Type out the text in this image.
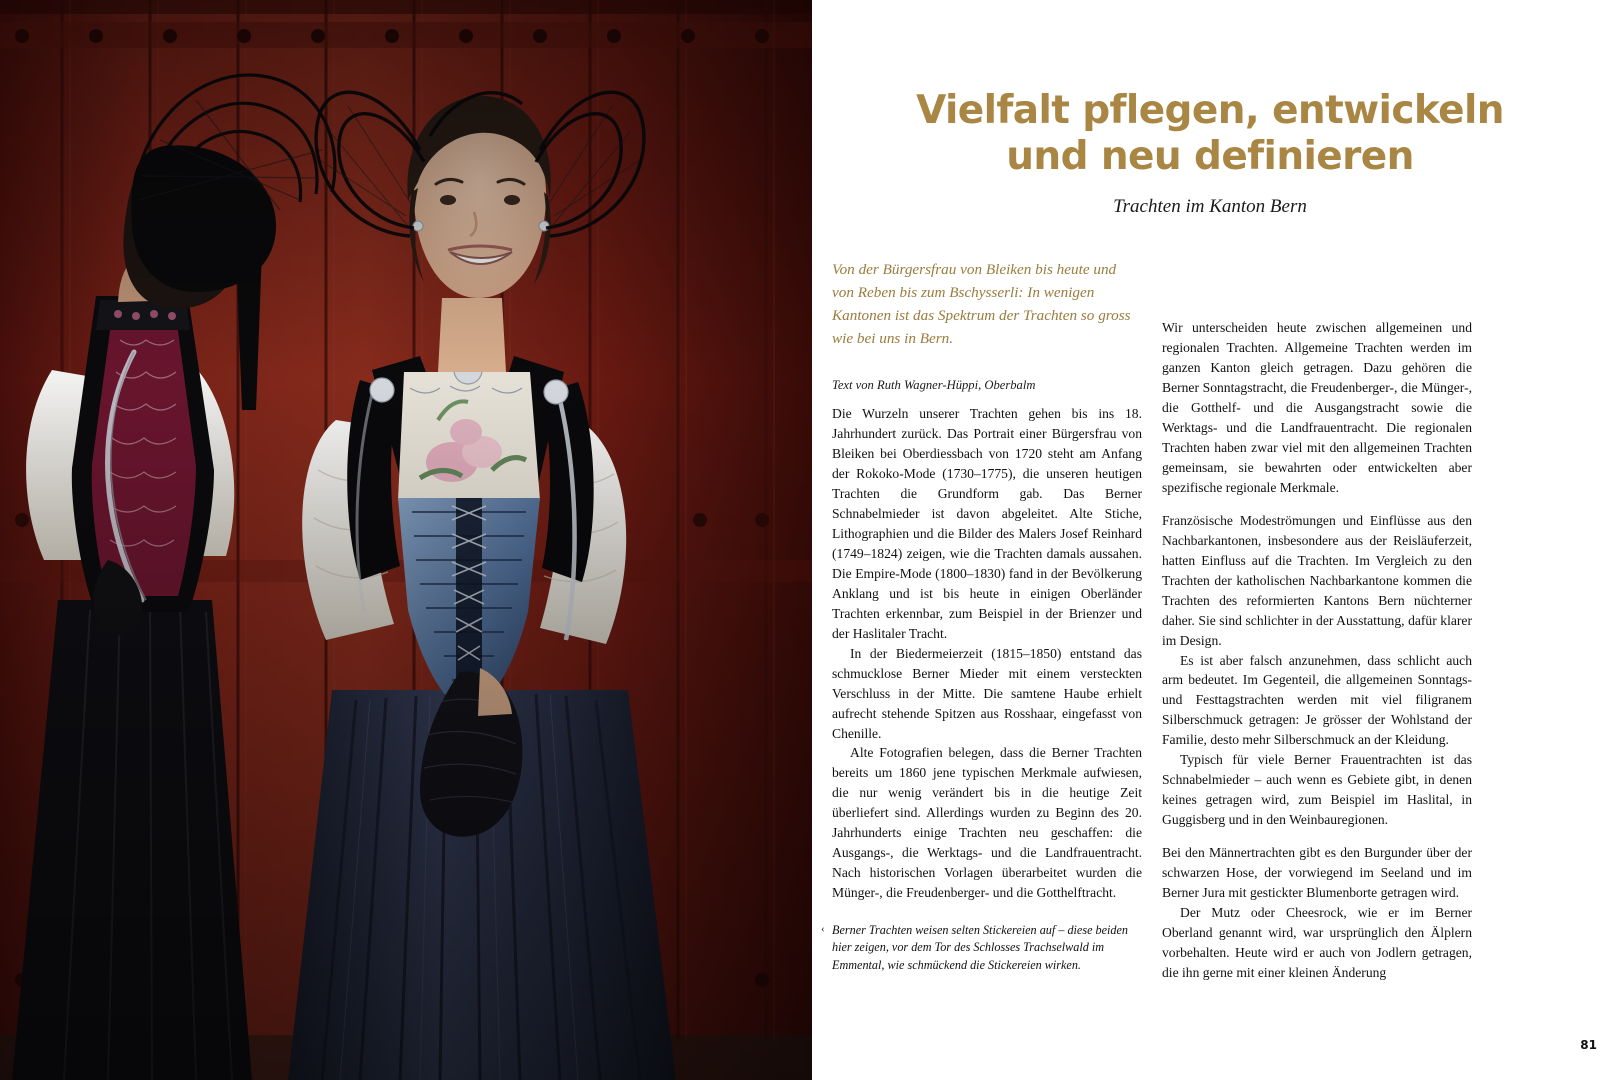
Vielfalt pflegen, entwickeln
und neu definieren
Trachten im Kanton Bern
Von der Bürgersfrau von Bleiken bis heute und von Reben bis zum Bschysserli: In wenigen Kantonen ist das Spektrum der Trachten so gross wie bei uns in Bern.
Text von Ruth Wagner-Hüppi, Oberbalm

Die Wurzeln unserer Trachten gehen bis ins 18. Jahrhundert zurück. Das Portrait einer Bürgersfrau von Bleiken bei Oberdiessbach von 1720 steht am Anfang der Rokoko-Mode (1730–1775), die unseren heutigen Trachten die Grundform gab. Das Berner Schnabelmieder ist davon abgeleitet. Alte Stiche, Lithographien und die Bilder des Malers Josef Reinhard (1749–1824) zeigen, wie die Trachten damals aussahen. Die Empire-Mode (1800–1830) fand in der Bevölkerung Anklang und ist bis heute in einigen Oberländer Trachten erkennbar, zum Beispiel in der Brienzer und der Haslitaler Tracht.

In der Biedermeierzeit (1815–1850) entstand das schmucklose Berner Mieder mit einem versteckten Verschluss in der Mitte. Die samtene Haube erhielt aufrecht stehende Spitzen aus Rosshaar, eingefasst von Chenille.

Alte Fotografien belegen, dass die Berner Trachten bereits um 1860 jene typischen Merkmale aufwiesen, die nur wenig verändert bis in die heutige Zeit überliefert sind. Allerdings wurden zu Beginn des 20. Jahrhunderts einige Trachten neu geschaffen: die Ausgangs-, die Werktags- und die Landfrauentracht. Nach historischen Vorlagen überarbeitet wurden die Münger-, die Freudenberger- und die Gotthelftracht.

Wir unterscheiden heute zwischen allgemeinen und regionalen Trachten. Allgemeine Trachten werden im ganzen Kanton gleich getragen. Dazu gehören die Berner Sonntagstracht, die Freudenberger-, die Münger-, die Gotthelf- und die Ausgangstracht sowie die Werktags- und die Landfrauentracht. Die regionalen Trachten haben zwar viel mit den allgemeinen Trachten gemeinsam, sie bewahrten oder entwickelten aber spezifische regionale Merkmale.

Französische Modeströmungen und Einflüsse aus den Nachbarkantonen, insbesondere aus der Reisläuferzeit, hatten Einfluss auf die Trachten. Im Vergleich zu den Trachten der katholischen Nachbarkantone kommen die Trachten des reformierten Kantons Bern nüchterner daher. Sie sind schlichter in der Ausstattung, dafür klarer im Design.

Es ist aber falsch anzunehmen, dass schlicht auch arm bedeutet. Im Gegenteil, die allgemeinen Sonntags- und Festtagstrachten werden mit viel filigranem Silberschmuck getragen: Je grösser der Wohlstand der Familie, desto mehr Silberschmuck an der Kleidung.

Typisch für viele Berner Frauentrachten ist das Schnabelmieder – auch wenn es Gebiete gibt, in denen keines getragen wird, zum Beispiel im Haslital, in Guggisberg und in den Weinbauregionen.

Bei den Männertrachten gibt es den Burgunder über der schwarzen Hose, der vorwiegend im Seeland und im Berner Jura mit gestickter Blumenborte getragen wird.

Der Mutz oder Cheesrock, wie er im Berner Oberland genannt wird, war ursprünglich den Älplern vorbehalten. Heute wird er auch von Jodlern getragen, die ihn gerne mit einer kleinen Änderung

‹ Berner Trachten weisen selten Stickereien auf – diese beiden hier zeigen, vor dem Tor des Schlosses Trachselwald im Emmental, wie schmückend die Stickereien wirken.
81
